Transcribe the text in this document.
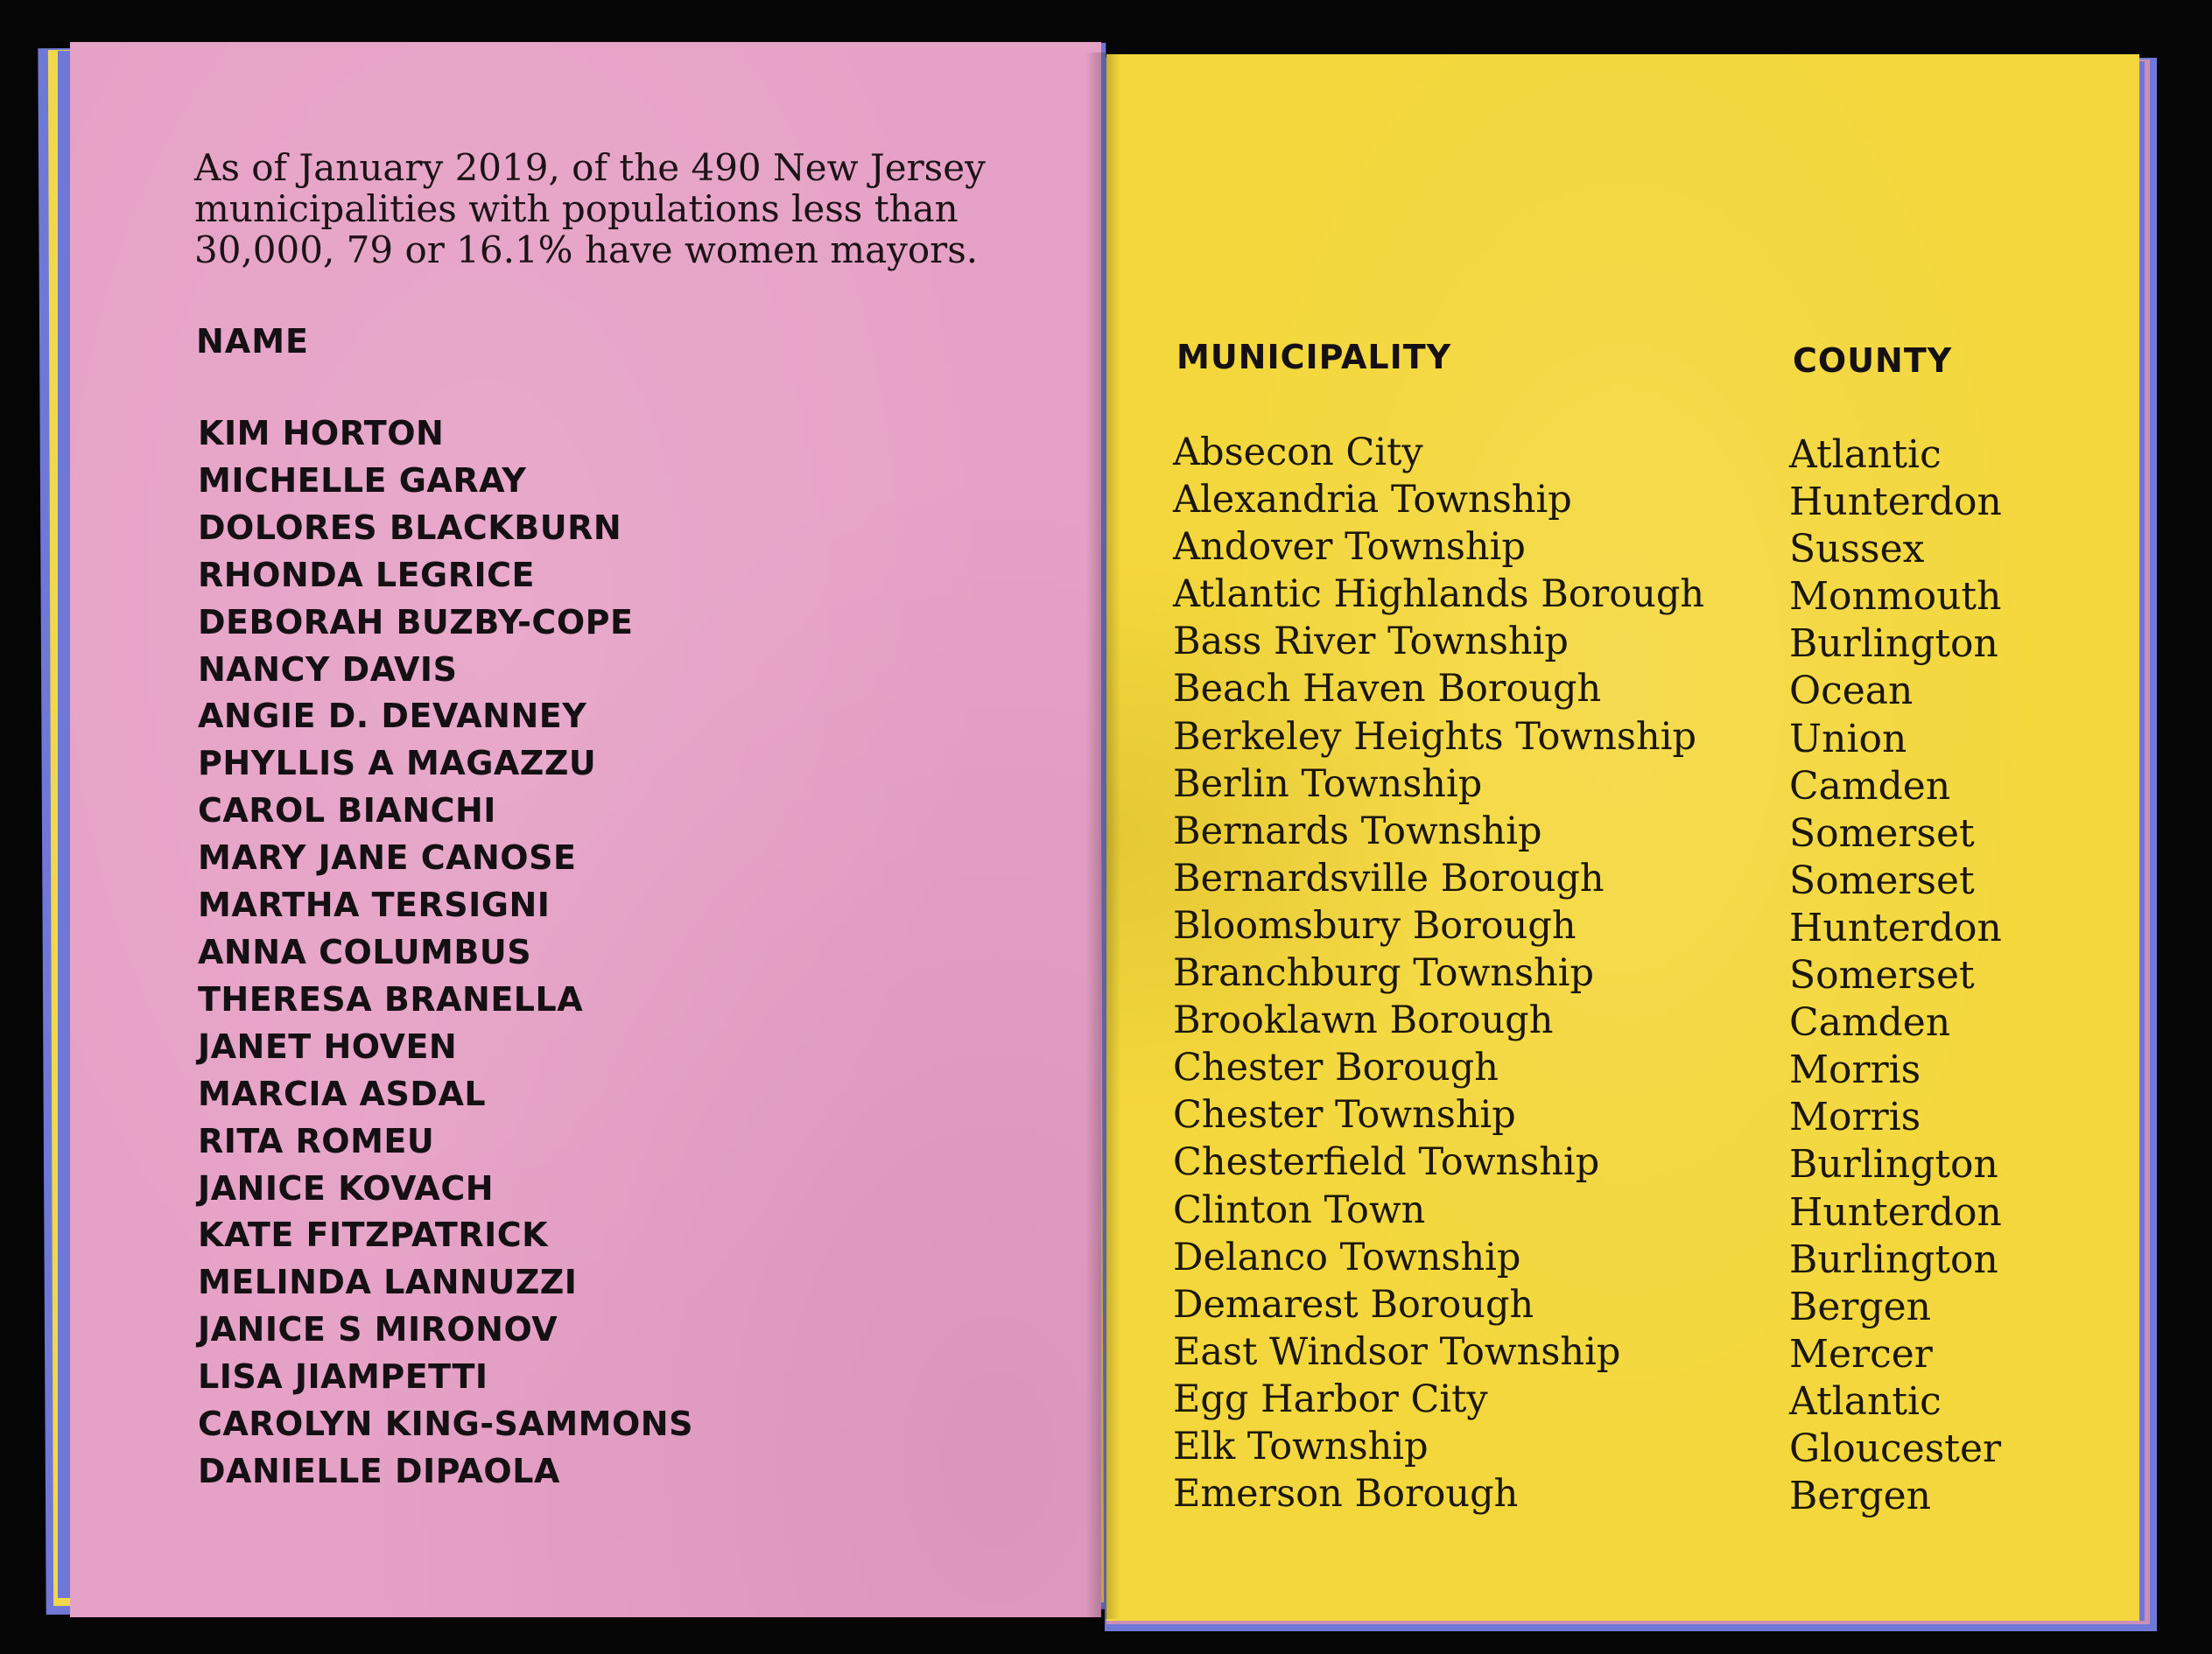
As of January 2019, of the 490 New Jersey municipalities with populations less than 30,000, 79 or 16.1% have women mayors.

NAME	MUNICIPALITY	COUNTY
KIM HORTON
MICHELLE GARAY
DOLORES BLACKBURN
RHONDA LEGRICE
DEBORAH BUZBY-COPE
NANCY DAVIS
ANGIE D. DEVANNEY
PHYLLIS A MAGAZZU
CAROL BIANCHI
MARY JANE CANOSE
MARTHA TERSIGNI
ANNA COLUMBUS
THERESA BRANELLA
JANET HOVEN
MARCIA ASDAL
RITA ROMEU
JANICE KOVACH
KATE FITZPATRICK
MELINDA LANNUZZI
JANICE S MIRONOV
LISA JIAMPETTI
CAROLYN KING-SAMMONS
DANIELLE DIPAOLA
Absecon City
Alexandria Township
Andover Township
Atlantic Highlands Borough
Bass River Township
Beach Haven Borough
Berkeley Heights Township
Berlin Township
Bernards Township
Bernardsville Borough
Bloomsbury Borough
Branchburg Township
Brooklawn Borough
Chester Borough
Chester Township
Chesterfield Township
Clinton Town
Delanco Township
Demarest Borough
East Windsor Township
Egg Harbor City
Elk Township
Emerson Borough
Atlantic
Hunterdon
Sussex
Monmouth
Burlington
Ocean
Union
Camden
Somerset
Somerset
Hunterdon
Somerset
Camden
Morris
Morris
Burlington
Hunterdon
Burlington
Bergen
Mercer
Atlantic
Gloucester
Bergen
